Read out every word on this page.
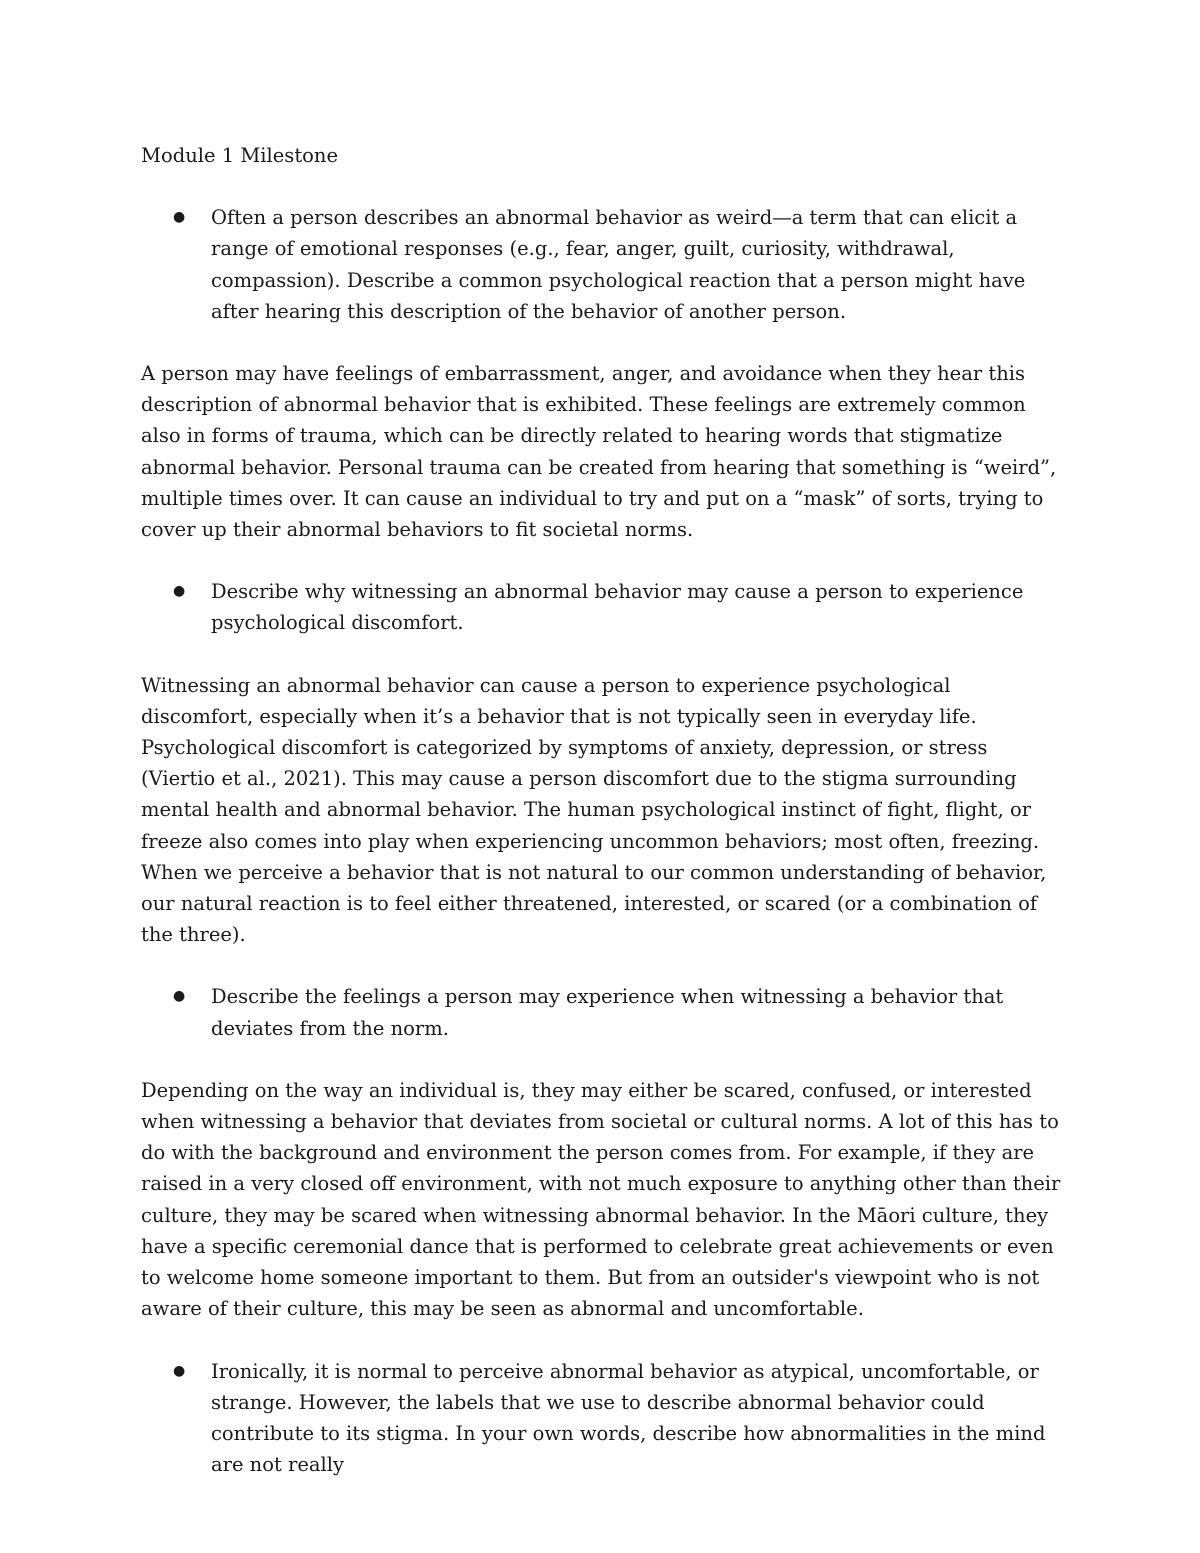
Module 1 Milestone
● Often a person describes an abnormal behavior as weird—a term that can elicit a range of emotional responses (e.g., fear, anger, guilt, curiosity, withdrawal, compassion). Describe a common psychological reaction that a person might have after hearing this description of the behavior of another person.

A person may have feelings of embarrassment, anger, and avoidance when they hear this description of abnormal behavior that is exhibited. These feelings are extremely common also in forms of trauma, which can be directly related to hearing words that stigmatize abnormal behavior. Personal trauma can be created from hearing that something is “weird”, multiple times over. It can cause an individual to try and put on a “mask” of sorts, trying to cover up their abnormal behaviors to fit societal norms.

● Describe why witnessing an abnormal behavior may cause a person to experience psychological discomfort.

Witnessing an abnormal behavior can cause a person to experience psychological discomfort, especially when it’s a behavior that is not typically seen in everyday life. Psychological discomfort is categorized by symptoms of anxiety, depression, or stress (Viertio et al., 2021). This may cause a person discomfort due to the stigma surrounding mental health and abnormal behavior. The human psychological instinct of fight, flight, or freeze also comes into play when experiencing uncommon behaviors; most often, freezing. When we perceive a behavior that is not natural to our common understanding of behavior, our natural reaction is to feel either threatened, interested, or scared (or a combination of the three).

● Describe the feelings a person may experience when witnessing a behavior that deviates from the norm.

Depending on the way an individual is, they may either be scared, confused, or interested when witnessing a behavior that deviates from societal or cultural norms. A lot of this has to do with the background and environment the person comes from. For example, if they are raised in a very closed off environment, with not much exposure to anything other than their culture, they may be scared when witnessing abnormal behavior. In the Māori culture, they have a specific ceremonial dance that is performed to celebrate great achievements or even to welcome home someone important to them. But from an outsider's viewpoint who is not aware of their culture, this may be seen as abnormal and uncomfortable.

● Ironically, it is normal to perceive abnormal behavior as atypical, uncomfortable, or strange. However, the labels that we use to describe abnormal behavior could contribute to its stigma. In your own words, describe how abnormalities in the mind are not really
